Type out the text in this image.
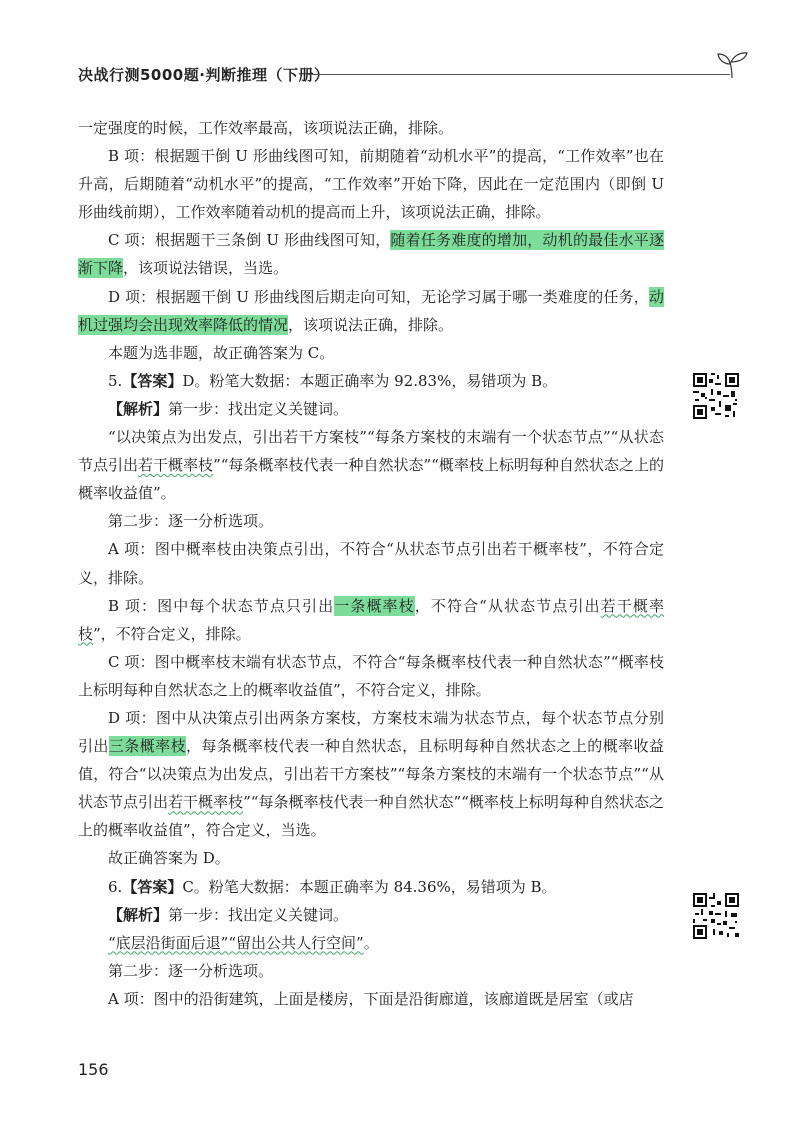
决战行测5000题·判断推理（下册）

一定强度的时候，工作效率最高，该项说法正确，排除。

B 项：根据题干倒 U 形曲线图可知，前期随着“动机水平”的提高，“工作效率”也在升高，后期随着“动机水平”的提高，“工作效率”开始下降，因此在一定范围内（即倒 U 形曲线前期），工作效率随着动机的提高而上升，该项说法正确，排除。

C 项：根据题干三条倒 U 形曲线图可知，随着任务难度的增加，动机的最佳水平逐渐下降，该项说法错误，当选。

D 项：根据题干倒 U 形曲线图后期走向可知，无论学习属于哪一类难度的任务，动机过强均会出现效率降低的情况，该项说法正确，排除。

本题为选非题，故正确答案为 C。

5.【答案】D。粉笔大数据：本题正确率为 92.83%，易错项为 B。

【解析】第一步：找出定义关键词。

“以决策点为出发点，引出若干方案枝”“每条方案枝的末端有一个状态节点”“从状态节点引出若干概率枝”“每条概率枝代表一种自然状态”“概率枝上标明每种自然状态之上的概率收益值”。

第二步：逐一分析选项。

A 项：图中概率枝由决策点引出，不符合“从状态节点引出若干概率枝”，不符合定义，排除。

B 项：图中每个状态节点只引出一条概率枝，不符合“从状态节点引出若干概率枝”，不符合定义，排除。

C 项：图中概率枝末端有状态节点，不符合“每条概率枝代表一种自然状态”“概率枝上标明每种自然状态之上的概率收益值”，不符合定义，排除。

D 项：图中从决策点引出两条方案枝，方案枝末端为状态节点，每个状态节点分别引出三条概率枝，每条概率枝代表一种自然状态，且标明每种自然状态之上的概率收益值，符合“以决策点为出发点，引出若干方案枝”“每条方案枝的末端有一个状态节点”“从状态节点引出若干概率枝”“每条概率枝代表一种自然状态”“概率枝上标明每种自然状态之上的概率收益值”，符合定义，当选。

故正确答案为 D。

6.【答案】C。粉笔大数据：本题正确率为 84.36%，易错项为 B。

【解析】第一步：找出定义关键词。

“底层沿街面后退”“留出公共人行空间”。

第二步：逐一分析选项。

A 项：图中的沿街建筑，上面是楼房，下面是沿街廊道，该廊道既是居室（或店

156
